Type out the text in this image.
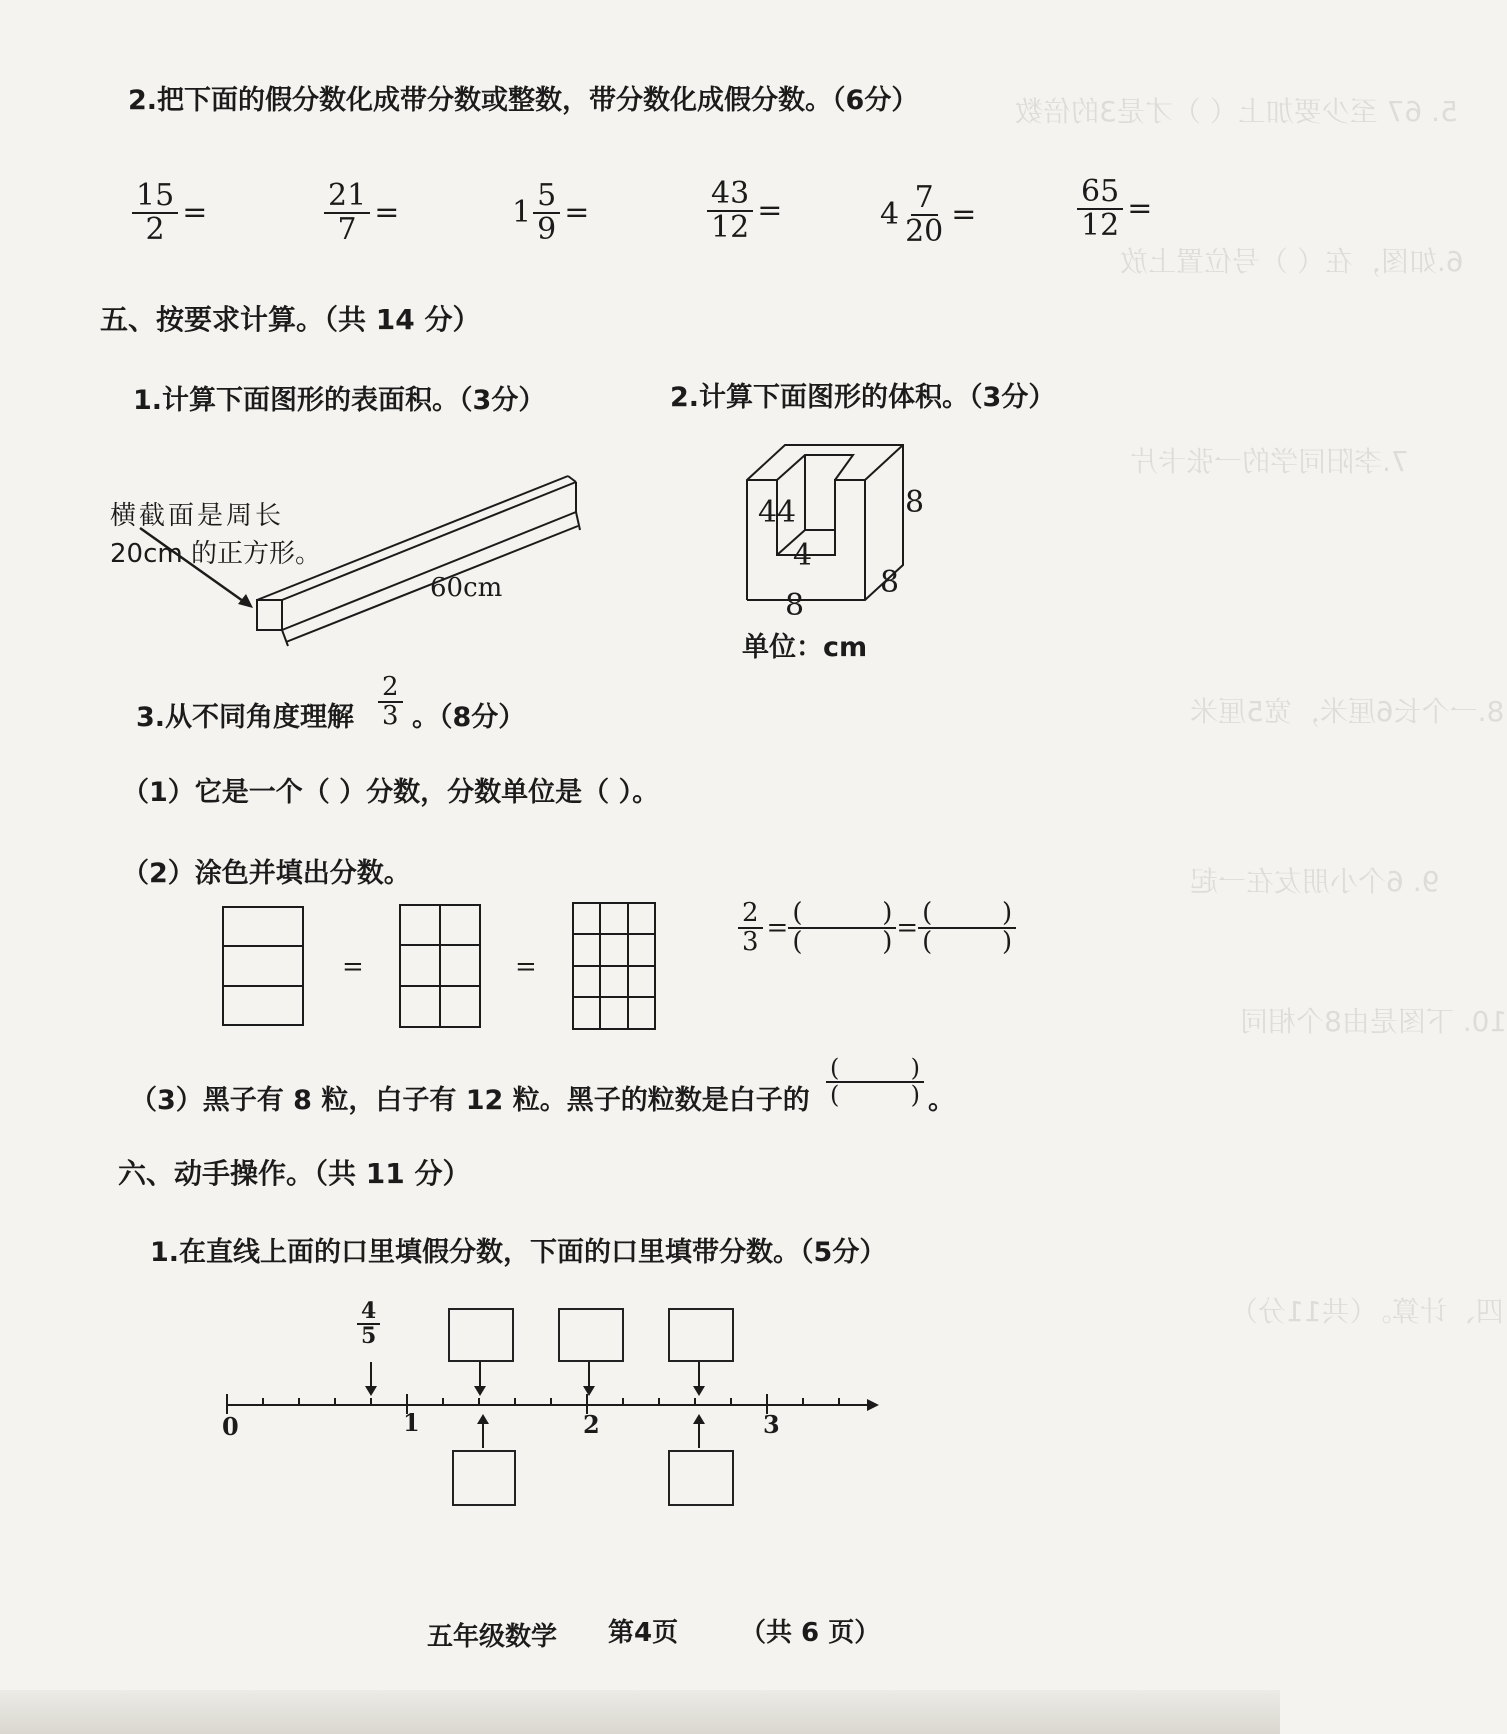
5. 67 至少要加上（ ）才是3的倍数
6.如图，在（ ）号位置上放
7.李阳同学的一张卡片
8.一个长6厘米，宽5厘米
9. 6个小朋友在一起
10. 下图是由8个相同
四、计算。（共11分）
2.把下面的假分数化成带分数或整数，带分数化成假分数。（6分）
$\frac{15}{2}$ =	$\frac{21}{7}$ =	$1 \frac{5}{9}$ =	$\frac{43}{12}$ =	$4 \frac{7}{20}$ =	$\frac{65}{12}$ =
五、按要求计算。（共 14 分）
1.计算下面图形的表面积。（3分）	2.计算下面图形的体积。（3分）
横截面是周长
20cm 的正方形。
60cm
4 4	8
4
8
8
单位：cm
3.从不同角度理解
2
3 。（8分）
（1）它是一个（ ）分数，分数单位是（ ）。
（2）涂色并填出分数。
=	=
$\frac{2}{3}$ =
(	)
(	) =
(	)
(	)
（3）黑子有 8 粒，白子有 12 粒。黑子的粒数是白子的
(	)
(	) 。
六、动手操作。（共 11 分）
1.在直线上面的口里填假分数，下面的口里填带分数。（5分）
4
5
0	1	2	3
五年级数学 第4页 （共 6 页）
